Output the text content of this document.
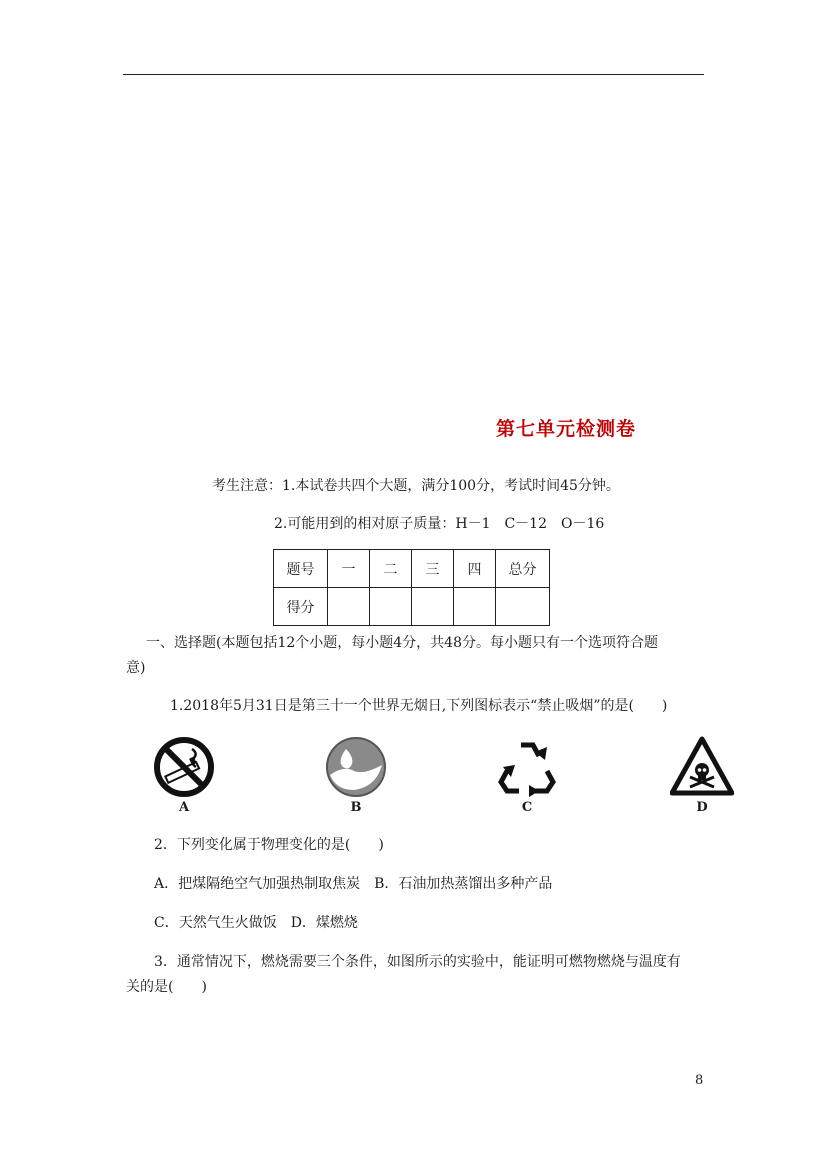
第七单元检测卷
考生注意：1.本试卷共四个大题，满分100分，考试时间45分钟。
2.可能用到的相对原子质量：H－1　C－12　O－16
题号	一	二	三	四	总分
得分					
一、选择题(本题包括12个小题，每小题4分，共48分。每小题只有一个选项符合题
意)
1.2018年5月31日是第三十一个世界无烟日,下列图标表示“禁止吸烟”的是(　　)
A	B	C	D
2．下列变化属于物理变化的是(　　)
A．把煤隔绝空气加强热制取焦炭　B．石油加热蒸馏出多种产品
C．天然气生火做饭　D．煤燃烧
3．通常情况下，燃烧需要三个条件，如图所示的实验中，能证明可燃物燃烧与温度有
关的是(　　)
8
